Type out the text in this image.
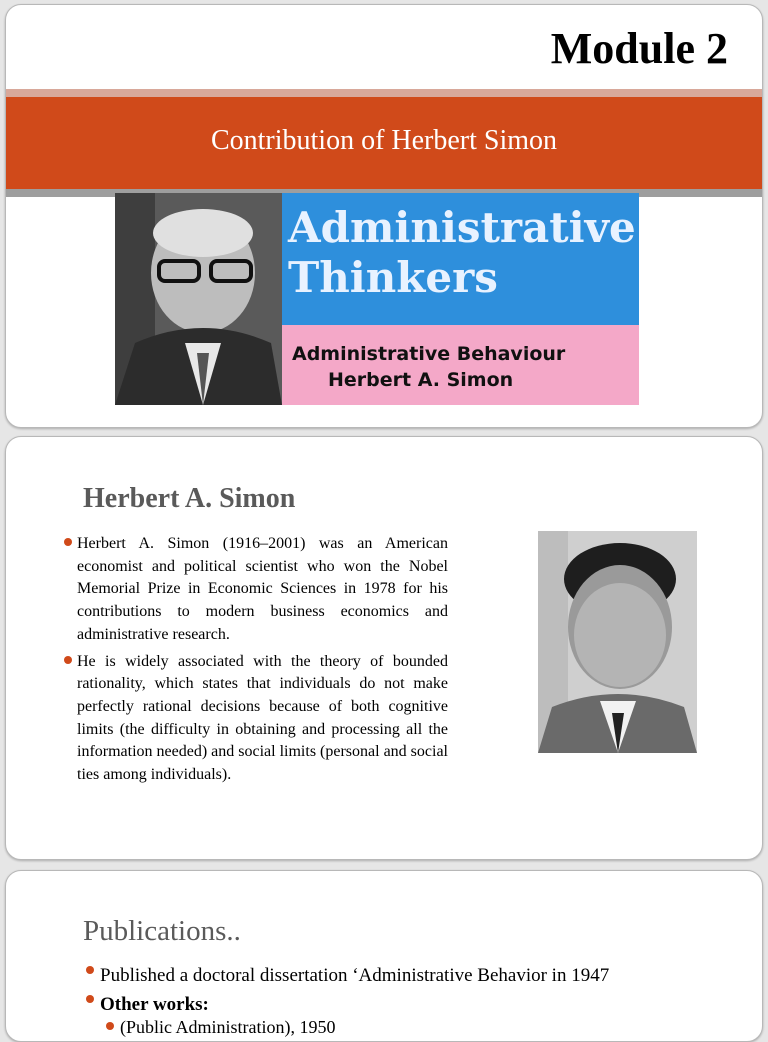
Module 2
Contribution of Herbert Simon
Administrative
Thinkers
Administrative Behaviour
Herbert A. Simon
Herbert A. Simon
Herbert A. Simon (1916–2001) was an American economist and political scientist who won the Nobel Memorial Prize in Economic Sciences in 1978 for his contributions to modern business economics and administrative research.
He is widely associated with the theory of bounded rationality, which states that individuals do not make perfectly rational decisions because of both cognitive limits (the difficulty in obtaining and processing all the information needed) and social limits (personal and social ties among individuals).
Publications..
Published a doctoral dissertation ‘Administrative Behavior in 1947
Other works:
(Public Administration), 1950
